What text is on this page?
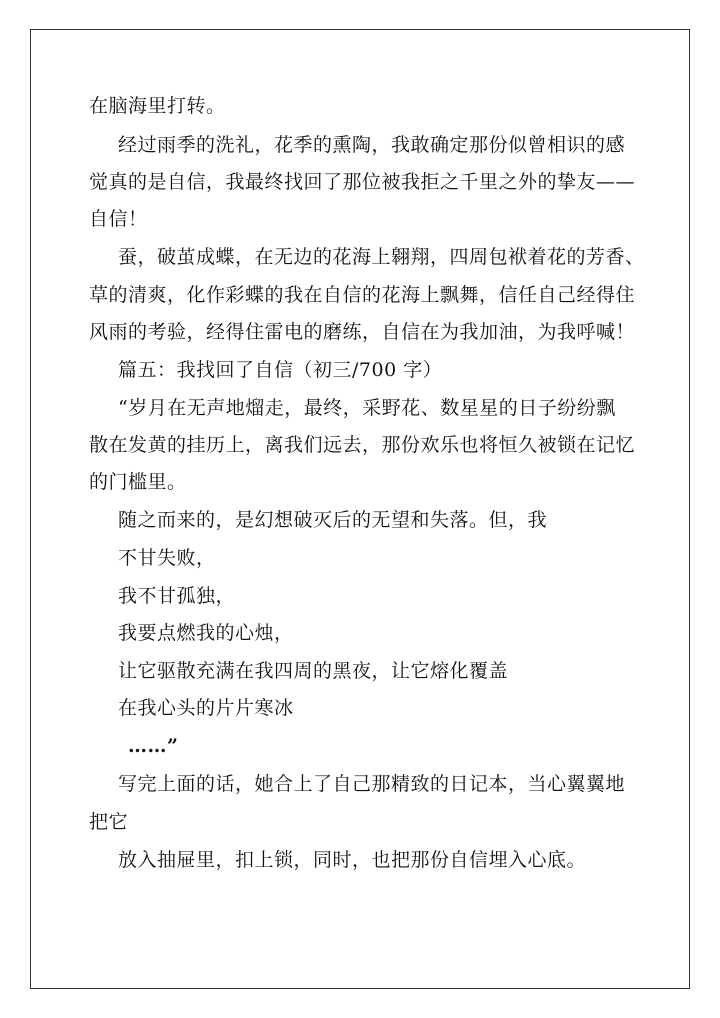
在脑海里打转。
经过雨季的洗礼，花季的熏陶，我敢确定那份似曾相识的感
觉真的是自信，我最终找回了那位被我拒之千里之外的挚友——
自信！
蚕，破茧成蝶，在无边的花海上翱翔，四周包袱着花的芳香、
草的清爽，化作彩蝶的我在自信的花海上飘舞，信任自己经得住
风雨的考验，经得住雷电的磨练，自信在为我加油，为我呼喊！
篇五：我找回了自信（初三/700 字）
“岁月在无声地熘走，最终，采野花、数星星的日子纷纷飘
散在发黄的挂历上，离我们远去，那份欢乐也将恒久被锁在记忆
的门槛里。
随之而来的，是幻想破灭后的无望和失落。但，我
不甘失败，
我不甘孤独，
我要点燃我的心烛，
让它驱散充满在我四周的黑夜，让它熔化覆盖
在我心头的片片寒冰
……”
写完上面的话，她合上了自己那精致的日记本，当心翼翼地
把它
放入抽屉里，扣上锁，同时，也把那份自信埋入心底。
